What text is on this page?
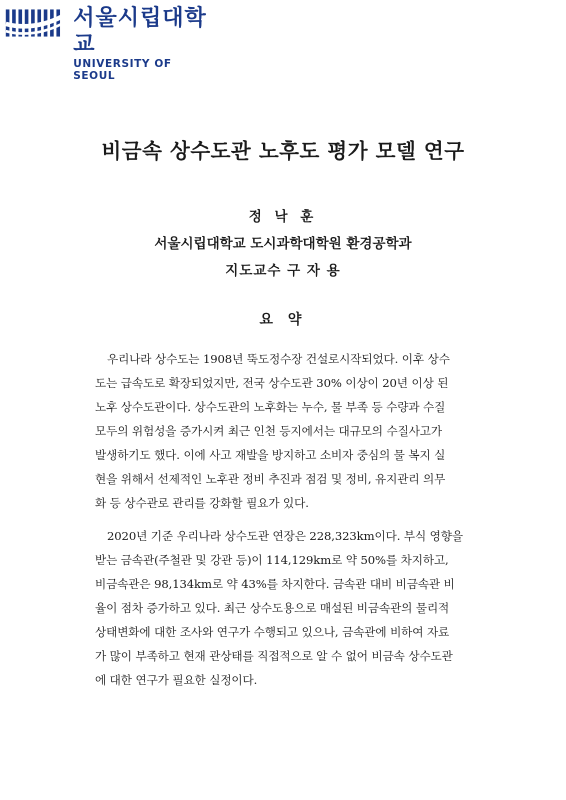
서울시립대학교
UNIVERSITY OF SEOUL
비금속 상수도관 노후도 평가 모델 연구
정 낙 훈
서울시립대학교 도시과학대학원 환경공학과
지도교수 구 자 용
요 약

우리나라 상수도는 1908년 뚝도정수장 건설로시작되었다. 이후 상수
도는 급속도로 확장되었지만, 전국 상수도관 30% 이상이 20년 이상 된
노후 상수도관이다. 상수도관의 노후화는 누수, 물 부족 등 수량과 수질
모두의 위험성을 증가시켜 최근 인천 등지에서는 대규모의 수질사고가
발생하기도 했다. 이에 사고 재발을 방지하고 소비자 중심의 물 복지 실
현을 위해서 선제적인 노후관 정비 추진과 점검 및 정비, 유지관리 의무
화 등 상수관로 관리를 강화할 필요가 있다.

2020년 기준 우리나라 상수도관 연장은 228,323km이다. 부식 영향을
받는 금속관(주철관 및 강관 등)이 114,129km로 약 50%를 차지하고,
비금속관은 98,134km로 약 43%를 차지한다. 금속관 대비 비금속관 비
율이 점차 증가하고 있다. 최근 상수도용으로 매설된 비금속관의 물리적
상태변화에 대한 조사와 연구가 수행되고 있으나, 금속관에 비하여 자료
가 많이 부족하고 현재 관상태를 직접적으로 알 수 없어 비금속 상수도관
에 대한 연구가 필요한 실정이다.
